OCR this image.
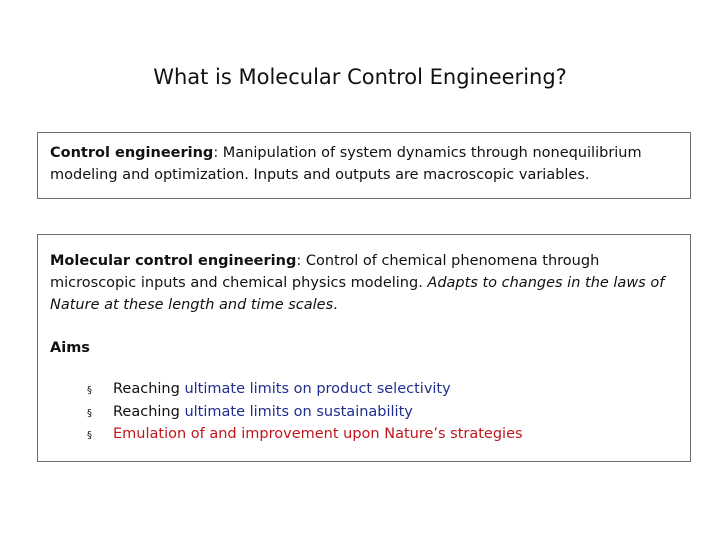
What is Molecular Control Engineering?

Control engineering: Manipulation of system dynamics through nonequilibrium modeling and optimization. Inputs and outputs are macroscopic variables.

Molecular control engineering: Control of chemical phenomena through microscopic inputs and chemical physics modeling. Adapts to changes in the laws of Nature at these length and time scales.

Aims

§	Reaching ultimate limits on product selectivity
§	Reaching ultimate limits on sustainability
§	Emulation of and improvement upon Nature’s strategies
